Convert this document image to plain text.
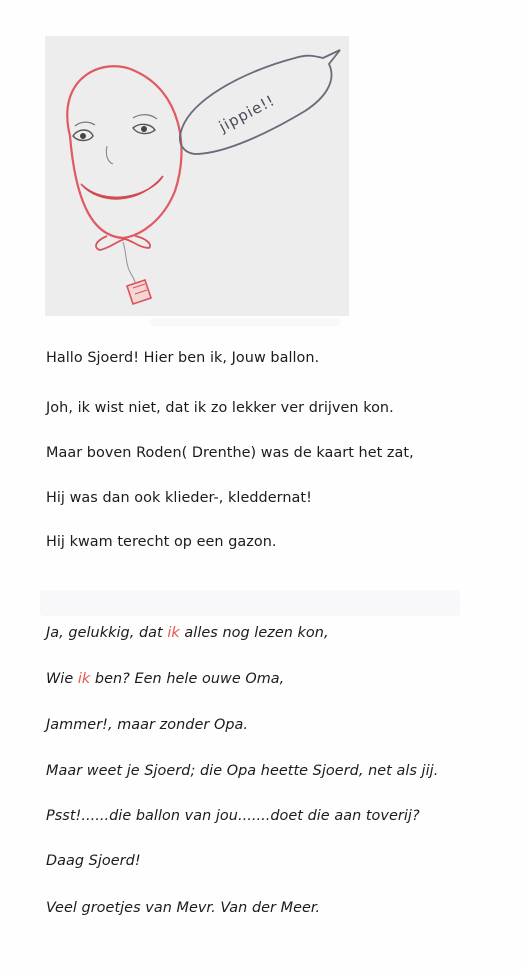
jippie!!
Hallo Sjoerd! Hier ben ik, Jouw ballon.
Joh, ik wist niet, dat ik zo lekker ver drijven kon.
Maar boven Roden( Drenthe) was de kaart het zat,
Hij was dan ook klieder-, kleddernat!
Hij kwam terecht op een gazon.
Ja, gelukkig, dat ik alles nog lezen kon,
Wie ik ben? Een hele ouwe Oma,
Jammer!, maar zonder Opa.
Maar weet je Sjoerd; die Opa heette Sjoerd, net als jij.
Psst!......die ballon van jou.......doet die aan toverij?
Daag Sjoerd!
Veel groetjes van Mevr. Van der Meer.
